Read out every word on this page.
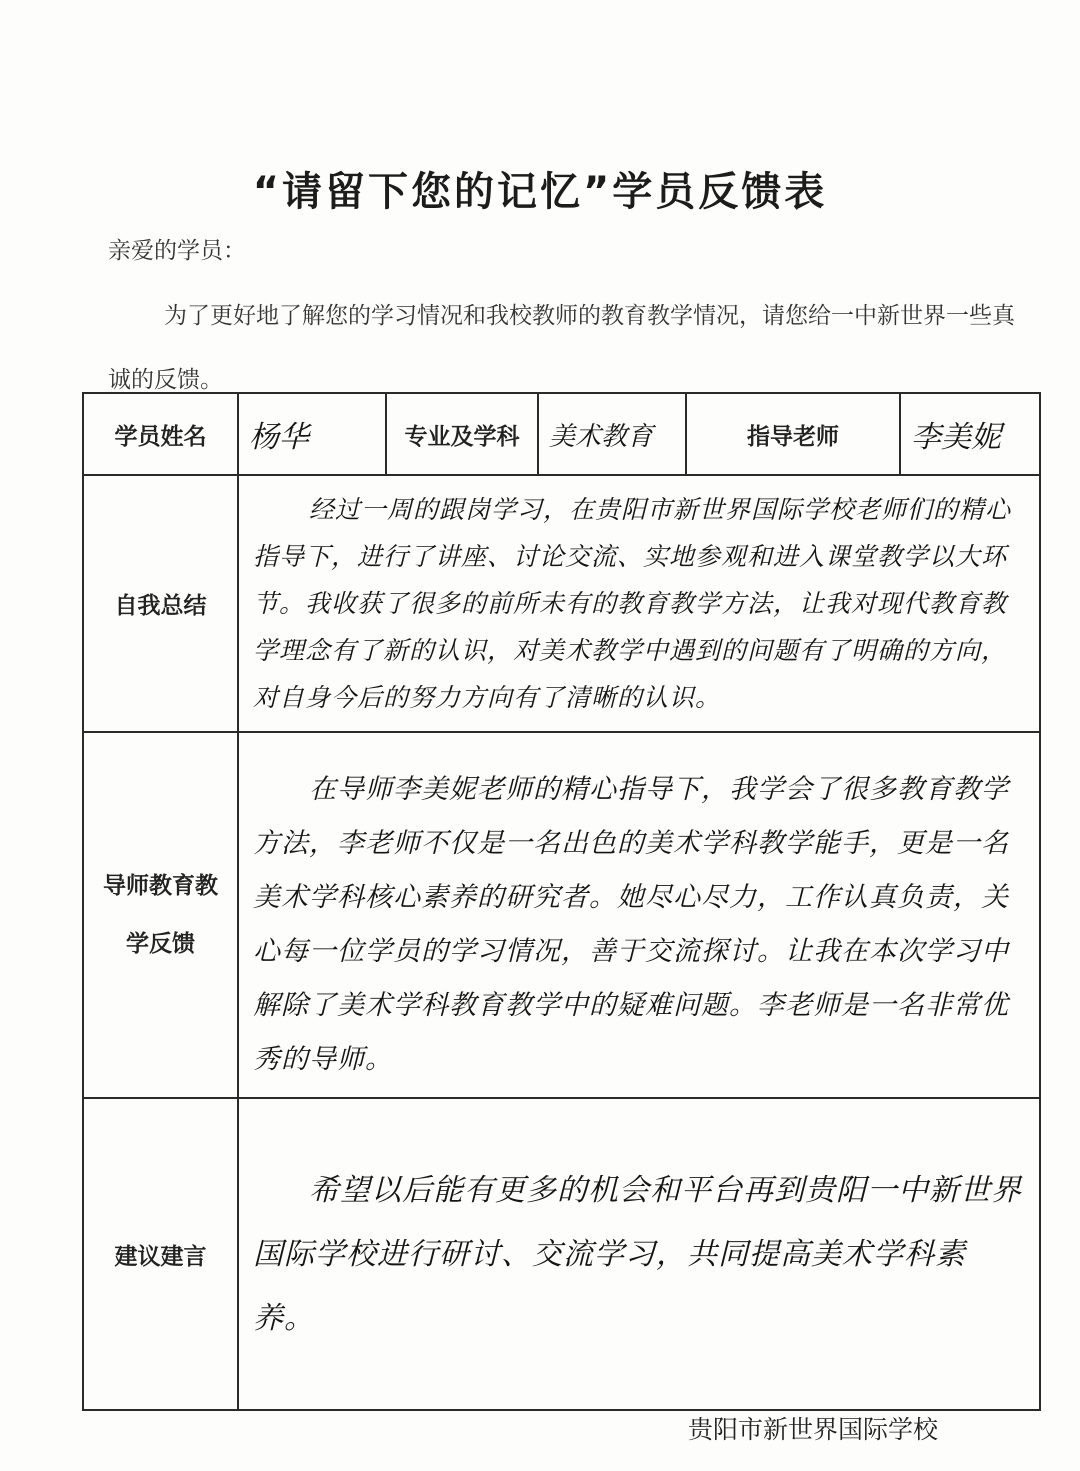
“请留下您的记忆”学员反馈表
亲爱的学员：
为了更好地了解您的学习情况和我校教师的教育教学情况，请您给一中新世界一些真诚的反馈。
学员姓名	杨华	专业及学科	美术教育	指导老师	李美妮
自我总结	经过一周的跟岗学习，在贵阳市新世界国际学校老师们的精心指导下，进行了讲座、讨论交流、实地参观和进入课堂教学以大环节。我收获了很多的前所未有的教育教学方法，让我对现代教育教学理念有了新的认识，对美术教学中遇到的问题有了明确的方向，对自身今后的努力方向有了清晰的认识。				

导师教育教
学反馈	在导师李美妮老师的精心指导下，我学会了很多教育教学方法，李老师不仅是一名出色的美术学科教学能手，更是一名美术学科核心素养的研究者。她尽心尽力，工作认真负责，关心每一位学员的学习情况，善于交流探讨。让我在本次学习中解除了美术学科教育教学中的疑难问题。李老师是一名非常优秀的导师。				
建议建言	希望以后能有更多的机会和平台再到贵阳一中新世界国际学校进行研讨、交流学习，共同提高美术学科素养。				
贵阳市新世界国际学校
